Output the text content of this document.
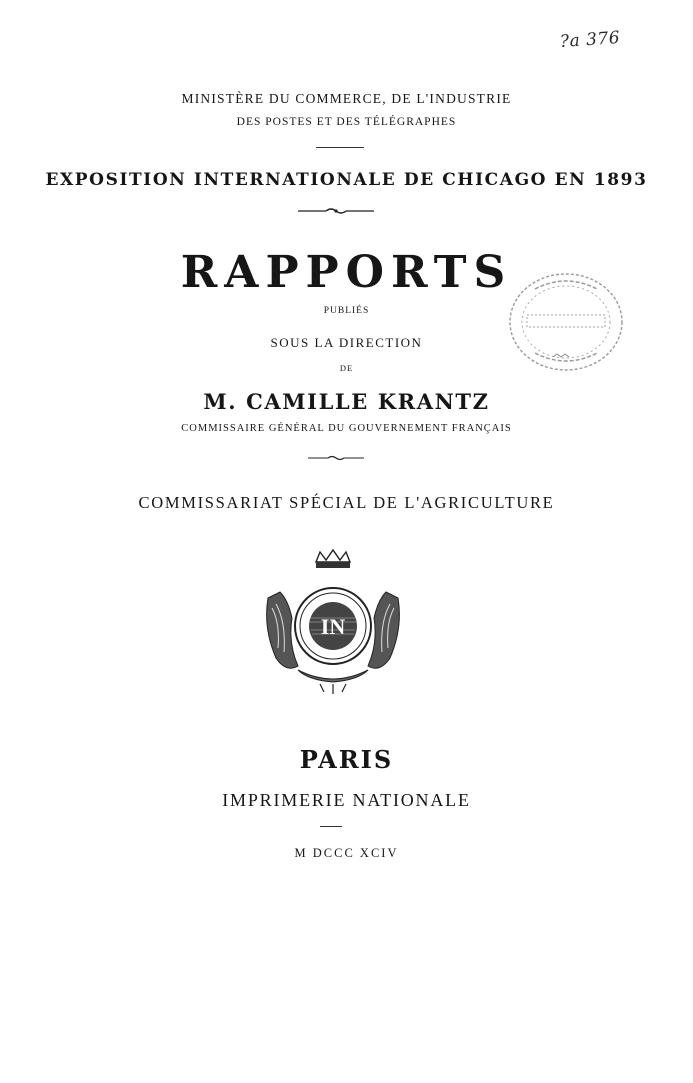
?a 376
MINISTÈRE DU COMMERCE, DE L'INDUSTRIE
DES POSTES ET DES TÉLÉGRAPHES
EXPOSITION INTERNATIONALE DE CHICAGO EN 1893
RAPPORTS
PUBLIÉS
SOUS LA DIRECTION
DE
M. CAMILLE KRANTZ
COMMISSAIRE GÉNÉRAL DU GOUVERNEMENT FRANÇAIS
COMMISSARIAT SPÉCIAL DE L'AGRICULTURE
IN
PARIS
IMPRIMERIE NATIONALE
M DCCC XCIV
